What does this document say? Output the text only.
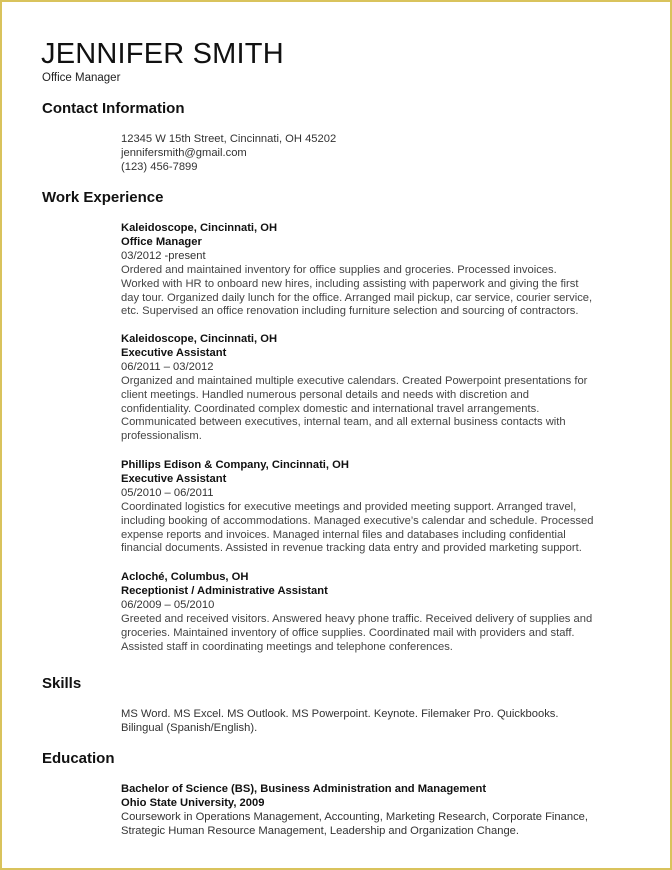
JENNIFER SMITH
Office Manager
Contact Information
12345 W 15th Street, Cincinnati, OH 45202
jennifersmith@gmail.com
(123) 456-7899
Work Experience
Kaleidoscope, Cincinnati, OH
Office Manager
03/2012 -present
Ordered and maintained inventory for office supplies and groceries. Processed invoices.
Worked with HR to onboard new hires, including assisting with paperwork and giving the first
day tour. Organized daily lunch for the office. Arranged mail pickup, car service, courier service,
etc. Supervised an office renovation including furniture selection and sourcing of contractors.
Kaleidoscope, Cincinnati, OH
Executive Assistant
06/2011 – 03/2012
Organized and maintained multiple executive calendars. Created Powerpoint presentations for
client meetings. Handled numerous personal details and needs with discretion and
confidentiality. Coordinated complex domestic and international travel arrangements.
Communicated between executives, internal team, and all external business contacts with
professionalism.
Phillips Edison & Company, Cincinnati, OH
Executive Assistant
05/2010 – 06/2011
Coordinated logistics for executive meetings and provided meeting support. Arranged travel,
including booking of accommodations. Managed executive’s calendar and schedule. Processed
expense reports and invoices. Managed internal files and databases including confidential
financial documents. Assisted in revenue tracking data entry and provided marketing support.
Acloché, Columbus, OH
Receptionist / Administrative Assistant
06/2009 – 05/2010
Greeted and received visitors. Answered heavy phone traffic. Received delivery of supplies and
groceries. Maintained inventory of office supplies. Coordinated mail with providers and staff.
Assisted staff in coordinating meetings and telephone conferences.
Skills
MS Word. MS Excel. MS Outlook. MS Powerpoint. Keynote. Filemaker Pro. Quickbooks.
Bilingual (Spanish/English).
Education
Bachelor of Science (BS), Business Administration and Management
Ohio State University, 2009
Coursework in Operations Management, Accounting, Marketing Research, Corporate Finance,
Strategic Human Resource Management, Leadership and Organization Change.
